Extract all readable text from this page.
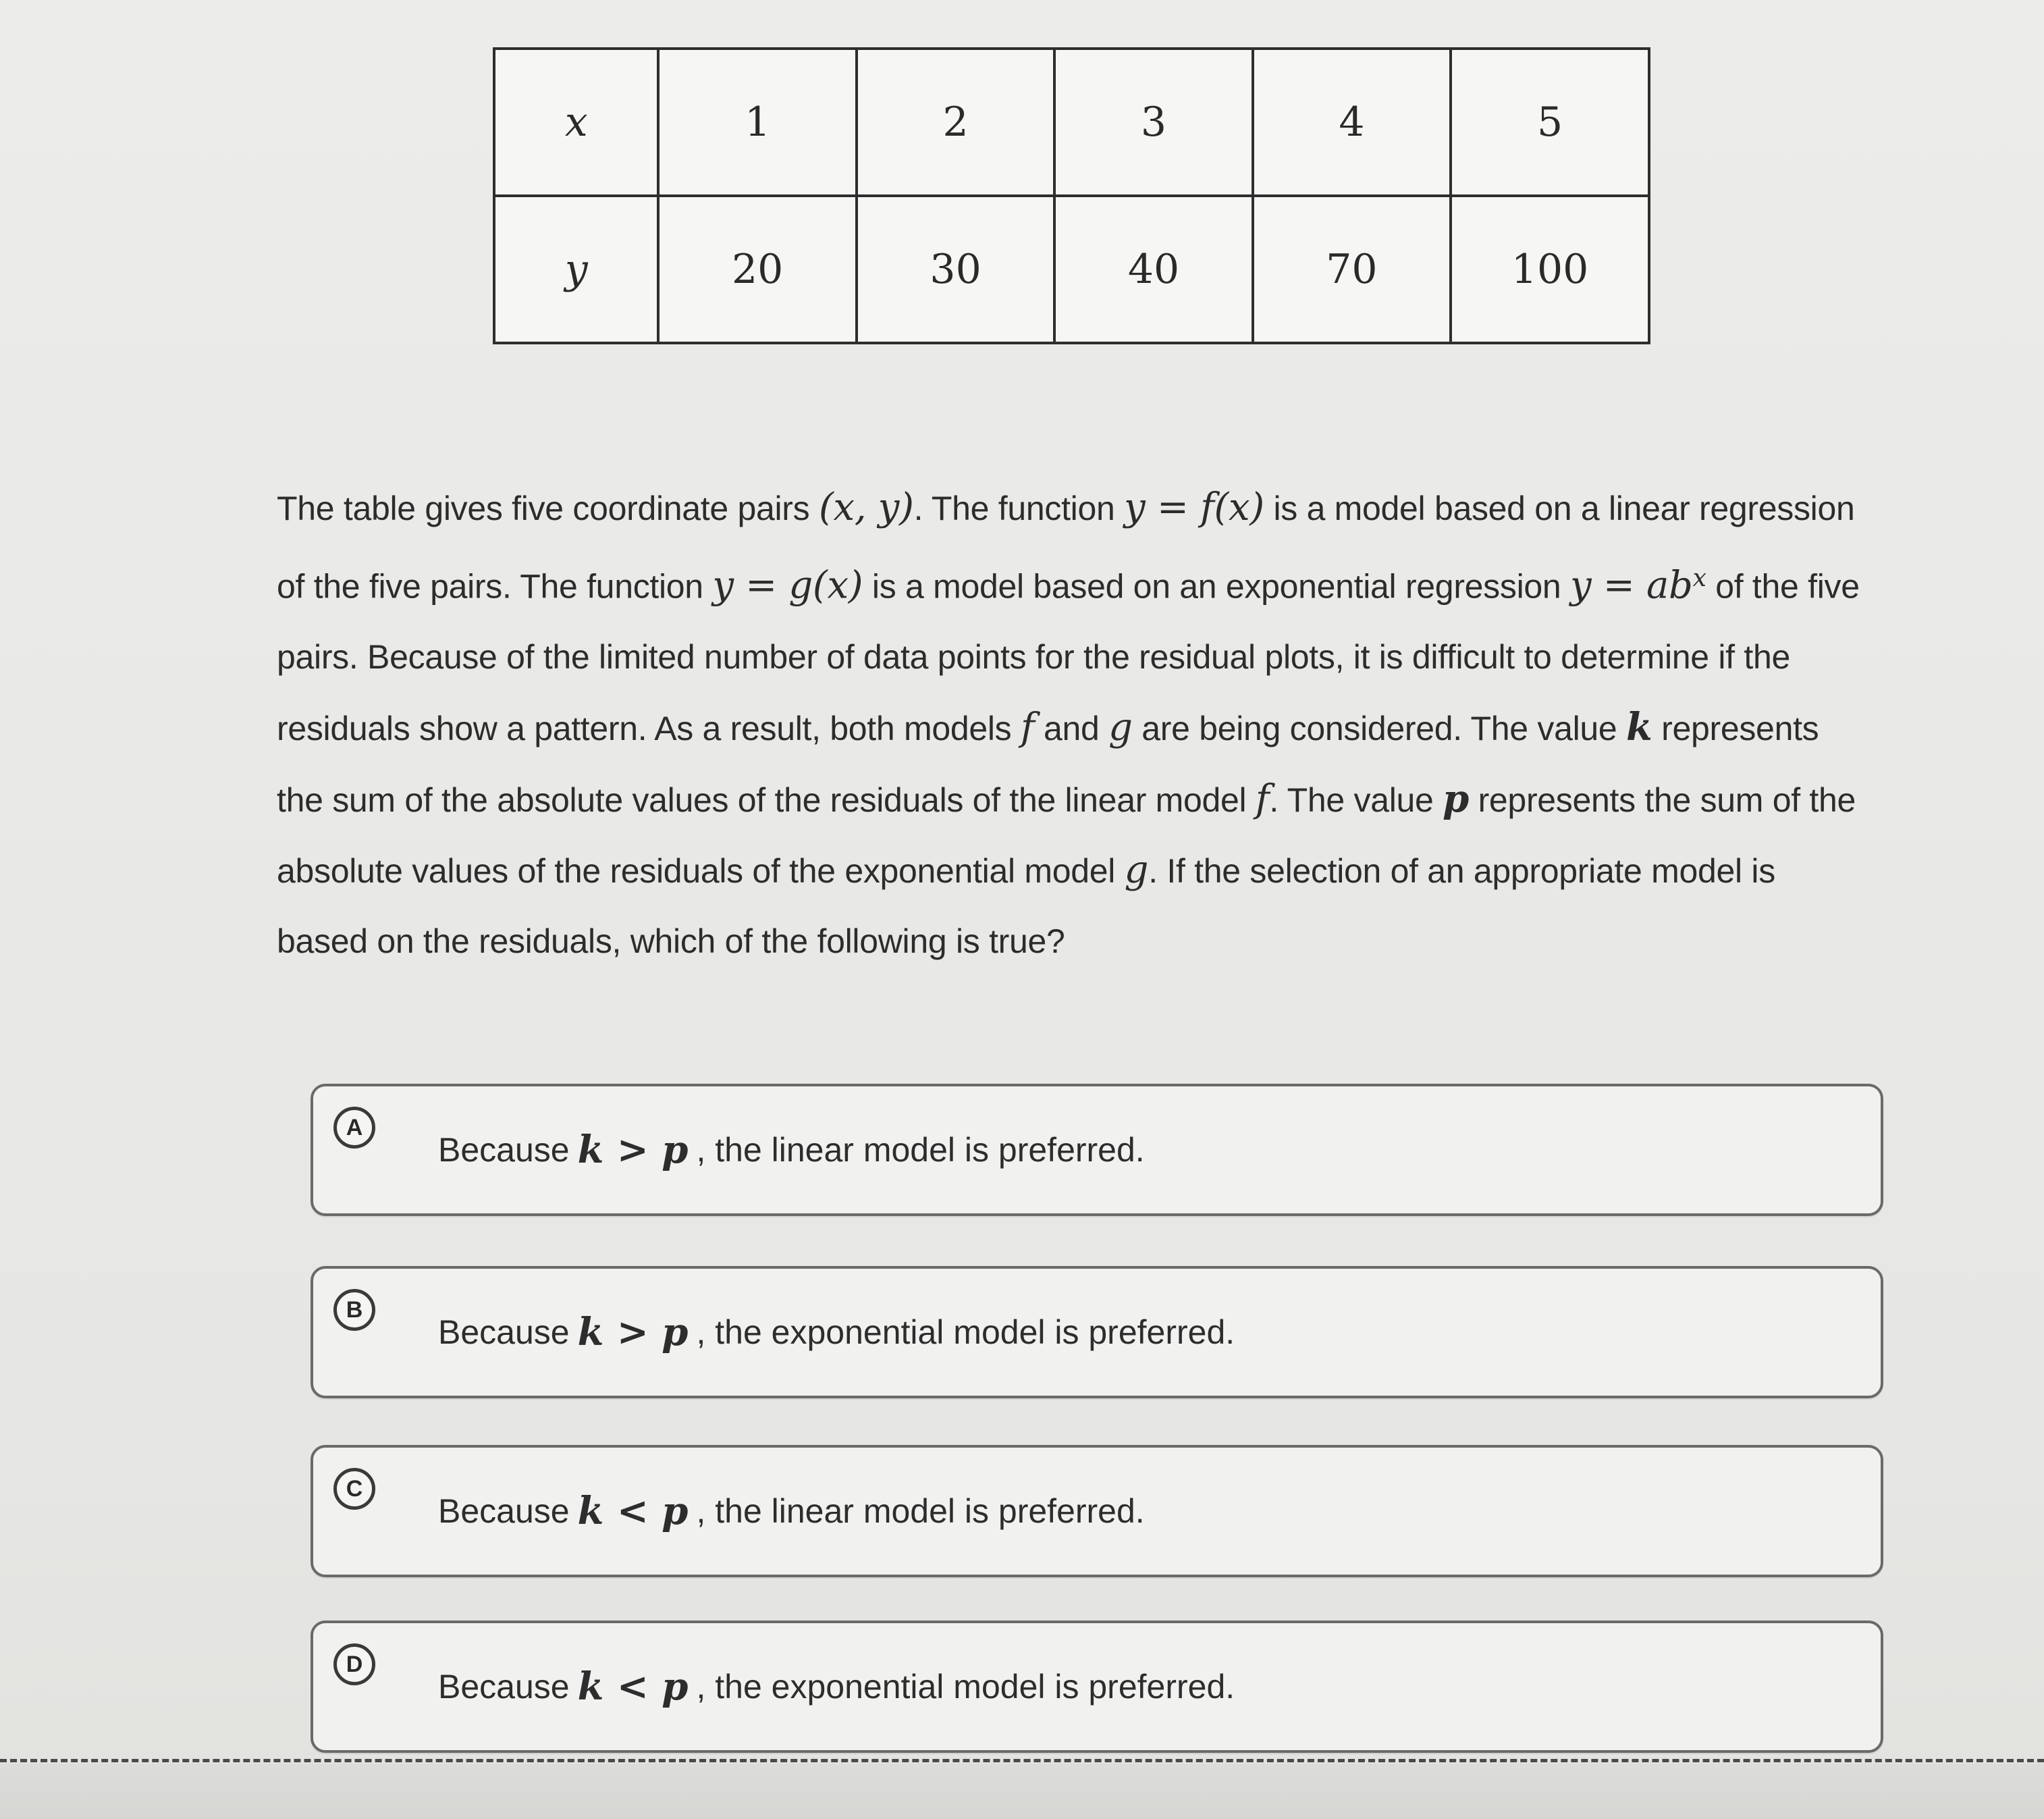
x	1	2	3	4	5
y	20	30	40	70	100
The table gives five coordinate pairs (x, y). The function y = f(x) is a model based on a linear regression
of the five pairs. The function y = g(x) is a model based on an exponential regression $y = ab^x$ of the five
pairs. Because of the limited number of data points for the residual plots, it is difficult to determine if the
residuals show a pattern. As a result, both models f and g are being considered. The value k represents
the sum of the absolute values of the residuals of the linear model f. The value p represents the sum of the
absolute values of the residuals of the exponential model g. If the selection of an appropriate model is
based on the residuals, which of the following is true?
A
Because k > p , the linear model is preferred.
B
Because k > p , the exponential model is preferred.
C
Because k < p , the linear model is preferred.
D
Because k < p , the exponential model is preferred.
